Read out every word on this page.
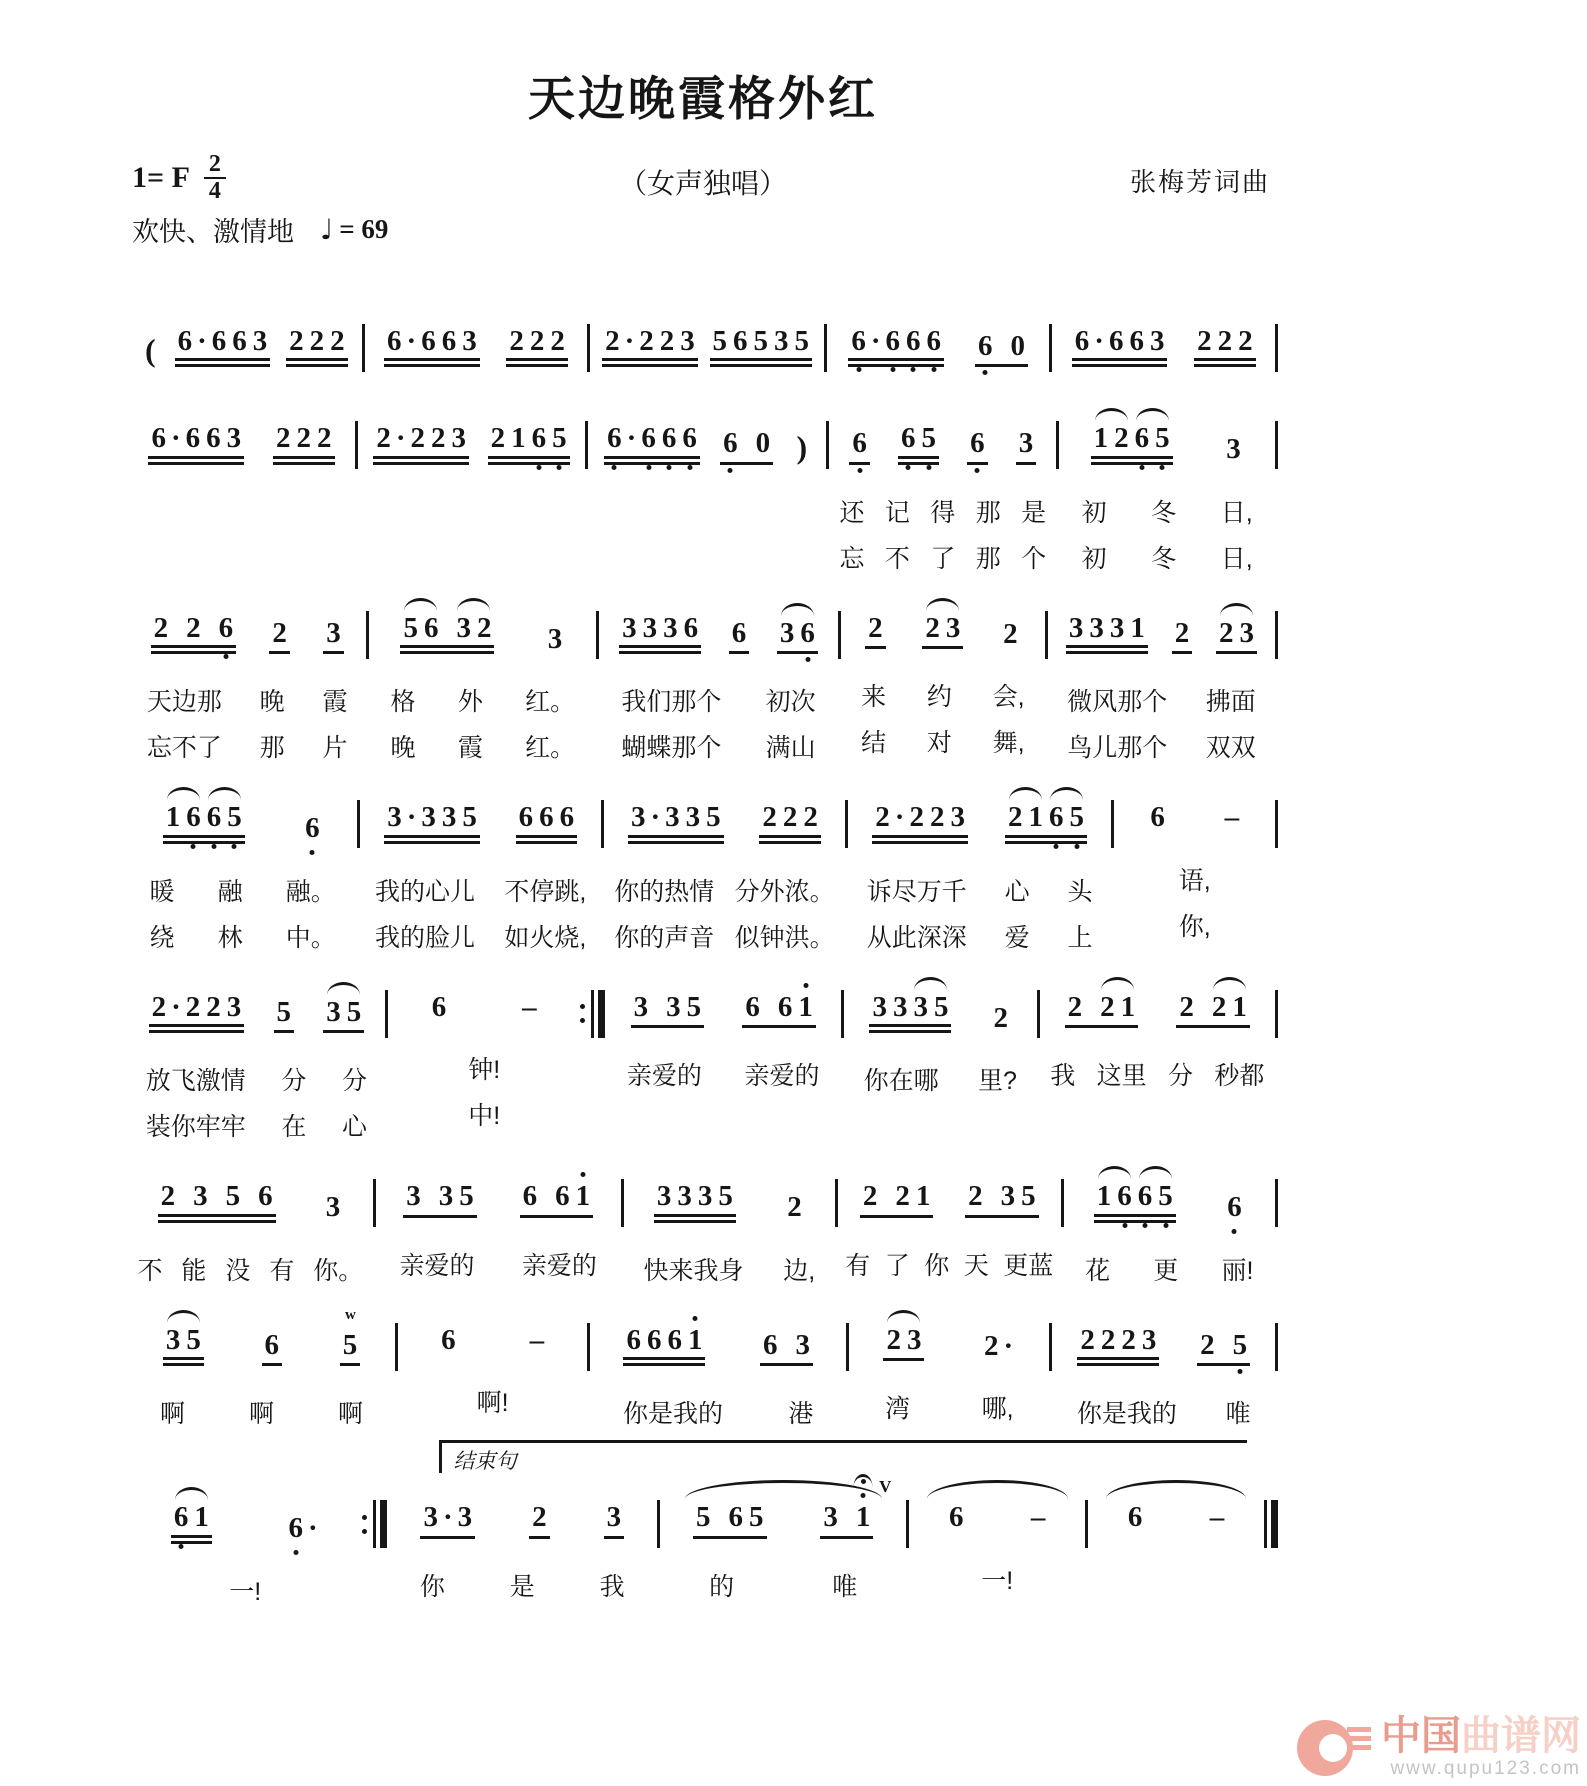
天边晚霞格外红
（女声独唱）	张梅芳词曲
1= F $\frac{2}{4}$
欢快、激情地 ♩ = 69
( 6 · 6 6 3 2 2 2 6 · 6 6 3 2 2 2 2 · 2 2 3 5 6 5 3 5 6 · 6 6 6 6  0 6 · 6 6 3 2 2 2
6 · 6 6 3 2 2 2 2 · 2 2 3 2 1 6 5 6 · 6 6 6 6  0 ) 6 6 5 6 3
还 记 得 那 是
忘 不 了 那 个
1 2 6 5 3
初 冬 日,
初 冬 日,
2  2  6 2 3
天边那 晚 霞
忘不了 那 片
5 6  3 2 3
格 外 红。
晚 霞 红。
3 3 3 6 6 3 6
我们那个 初次
蝴蝶那个 满山
2 2 3 2
来 约 会,
结 对 舞,
3 3 3 1 2 2 3
微风那个 拂面
鸟儿那个 双双
1 6 6 5 6
暖 融 融。
绕 林 中。
3 · 3 3 5 6 6 6
我的心儿 不停跳,
我的脸儿 如火烧,
3 · 3 3 5 2 2 2
你的热情 分外浓。
你的声音 似钟洪。
2 · 2 2 3 2 1 6 5
诉尽万千 心 头
从此深深 爱 上
6 –
语,
你,
2 · 2 2 3 5 3 5
放飞激情 分 分
装你牢牢 在 心
6	–
钟!
中!
3  3 5 6  6 1
亲爱的 亲爱的
3 3 3 5 2
你在哪 里?
2  2 1 2  2 1
我 这里 分 秒都
2  3  5  6 3
不 能 没 有 你。
3  3 5 6  6 1
亲爱的 亲爱的
3 3 3 5 2
快来我身 边,
2  2 1 2  3 5
有 了 你 天 更蓝
1 6 6 5 6
花 更 丽!
3 5 6 5
w
啊	啊	啊
6	–
啊!
6 6 6 1 6  3
你是我的	港
2 3 2 ·
湾	哪,
2 2 2 3 2  5
你是我的 唯
结束句
6 1	6 ·
一!
3 · 3 2 3
你	是	我
5  6 5 3  1
V
的	唯
6 –
一!
6 –
中国曲谱网
www.qupu123.com
